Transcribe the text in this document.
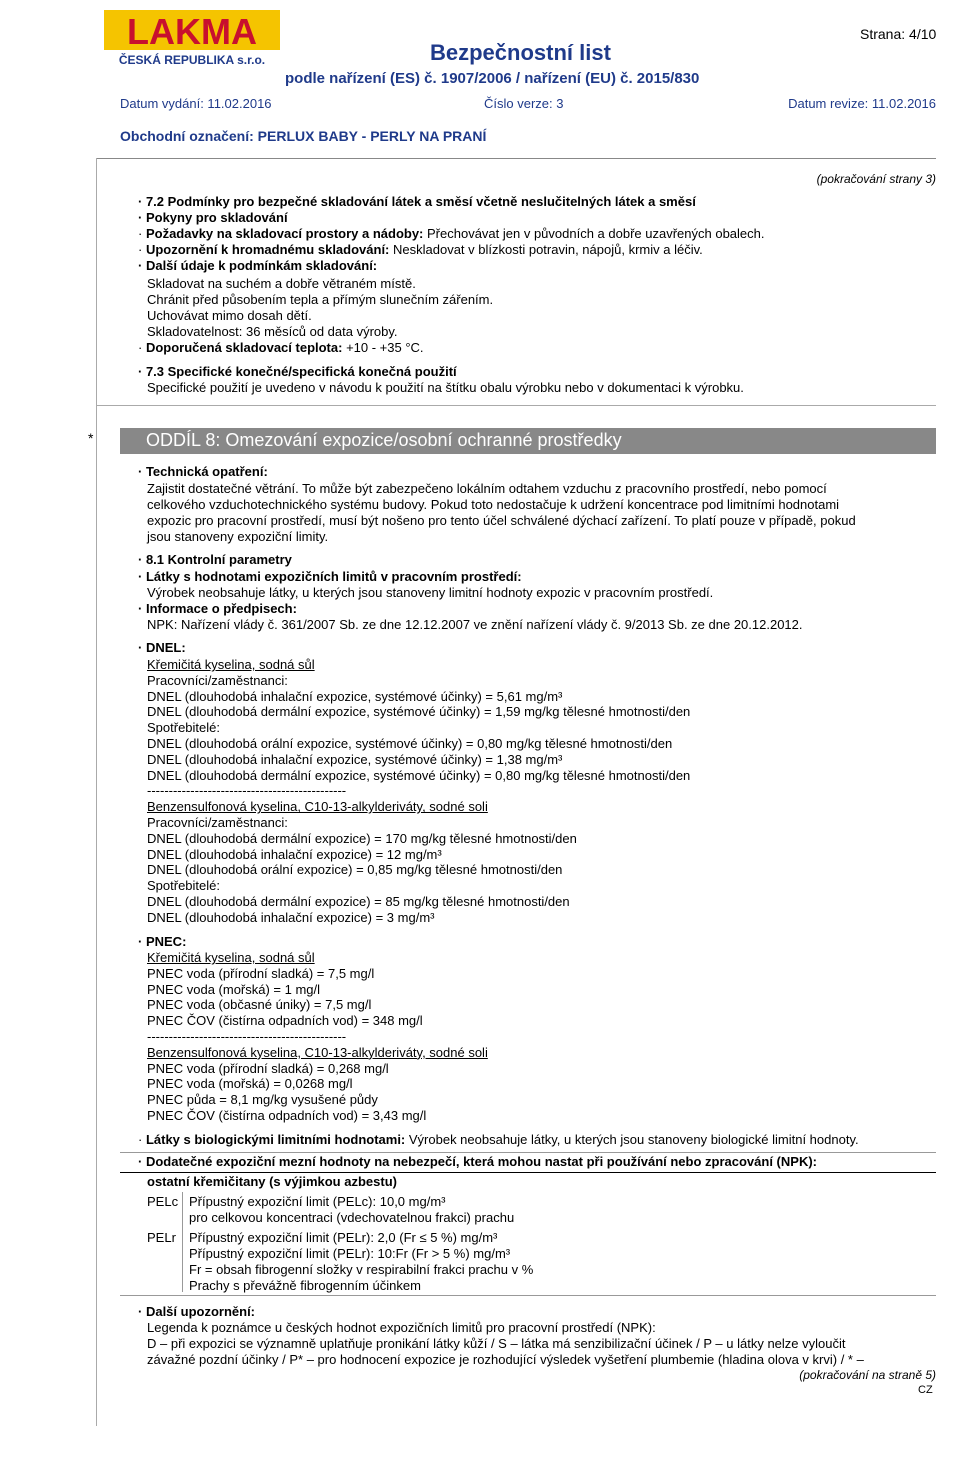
LAKMA
ČESKÁ REPUBLIKA s.r.o.
Strana: 4/10
Bezpečnostní list
podle nařízení (ES) č. 1907/2006 / nařízení (EU) č. 2015/830
Datum vydání: 11.02.2016	Číslo verze: 3	Datum revize: 11.02.2016
Obchodní označení: PERLUX BABY - PERLY NA PRANÍ
(pokračování strany 3)
· 7.2 Podmínky pro bezpečné skladování látek a směsí včetně neslučitelných látek a směsí
· Pokyny pro skladování
· Požadavky na skladovací prostory a nádoby: Přechovávat jen v původních a dobře uzavřených obalech.
· Upozornění k hromadnému skladování: Neskladovat v blízkosti potravin, nápojů, krmiv a léčiv.
· Další údaje k podmínkám skladování:
Skladovat na suchém a dobře větraném místě.
Chránit před působením tepla a přímým slunečním zářením.
Uchovávat mimo dosah dětí.
Skladovatelnost: 36 měsíců od data výroby.
· Doporučená skladovací teplota: +10 - +35 °C.
· 7.3 Specifické konečné/specifická konečná použití
Specifické použití je uvedeno v návodu k použití na štítku obalu výrobku nebo v dokumentaci k výrobku.
*	ODDÍL 8: Omezování expozice/osobní ochranné prostředky
· Technická opatření:
Zajistit dostatečné větrání. To může být zabezpečeno lokálním odtahem vzduchu z pracovního prostředí, nebo pomocí
celkového vzduchotechnického systému budovy. Pokud toto nedostačuje k udržení koncentrace pod limitními hodnotami
expozic pro pracovní prostředí, musí být nošeno pro tento účel schválené dýchací zařízení. To platí pouze v případě, pokud
jsou stanoveny expoziční limity.
· 8.1 Kontrolní parametry
· Látky s hodnotami expozičních limitů v pracovním prostředí:
Výrobek neobsahuje látky, u kterých jsou stanoveny limitní hodnoty expozic v pracovním prostředí.
· Informace o předpisech:
NPK: Nařízení vlády č. 361/2007 Sb. ze dne 12.12.2007 ve znění nařízení vlády č. 9/2013 Sb. ze dne 20.12.2012.
· DNEL:
Křemičitá kyselina, sodná sůl
Pracovníci/zaměstnanci:
DNEL (dlouhodobá inhalační expozice, systémové účinky) = 5,61 mg/m³
DNEL (dlouhodobá dermální expozice, systémové účinky) = 1,59 mg/kg tělesné hmotnosti/den
Spotřebitelé:
DNEL (dlouhodobá orální expozice, systémové účinky) = 0,80 mg/kg tělesné hmotnosti/den
DNEL (dlouhodobá inhalační expozice, systémové účinky) = 1,38 mg/m³
DNEL (dlouhodobá dermální expozice, systémové účinky) = 0,80 mg/kg tělesné hmotnosti/den
----------------------------------------------
Benzensulfonová kyselina, C10-13-alkylderiváty, sodné soli
Pracovníci/zaměstnanci:
DNEL (dlouhodobá dermální expozice) = 170 mg/kg tělesné hmotnosti/den
DNEL (dlouhodobá inhalační expozice) = 12 mg/m³
DNEL (dlouhodobá orální expozice) = 0,85 mg/kg tělesné hmotnosti/den
Spotřebitelé:
DNEL (dlouhodobá dermální expozice) = 85 mg/kg tělesné hmotnosti/den
DNEL (dlouhodobá inhalační expozice) = 3 mg/m³
· PNEC:
Křemičitá kyselina, sodná sůl
PNEC voda (přírodní sladká) = 7,5 mg/l
PNEC voda (mořská) = 1 mg/l
PNEC voda (občasné úniky) = 7,5 mg/l
PNEC ČOV (čistírna odpadních vod) = 348 mg/l
----------------------------------------------
Benzensulfonová kyselina, C10-13-alkylderiváty, sodné soli
PNEC voda (přírodní sladká) = 0,268 mg/l
PNEC voda (mořská) = 0,0268 mg/l
PNEC půda = 8,1 mg/kg vysušené půdy
PNEC ČOV (čistírna odpadních vod) = 3,43 mg/l
· Látky s biologickými limitními hodnotami: Výrobek neobsahuje látky, u kterých jsou stanoveny biologické limitní hodnoty.
· Dodatečné expoziční mezní hodnoty na nebezpečí, která mohou nastat při používání nebo zpracování (NPK):
ostatní křemičitany (s výjimkou azbestu)
PELc Přípustný expoziční limit (PELc): 10,0 mg/m³
pro celkovou koncentraci (vdechovatelnou frakci) prachu
PELr Přípustný expoziční limit (PELr): 2,0 (Fr ≤ 5 %) mg/m³
Přípustný expoziční limit (PELr): 10:Fr (Fr > 5 %) mg/m³
Fr = obsah fibrogenní složky v respirabilní frakci prachu v %
Prachy s převážně fibrogenním účinkem
· Další upozornění:
Legenda k poznámce u českých hodnot expozičních limitů pro pracovní prostředí (NPK):
D – při expozici se významně uplatňuje pronikání látky kůží / S – látka má senzibilizační účinek / P – u látky nelze vyloučit
závažné pozdní účinky / P* – pro hodnocení expozice je rozhodující výsledek vyšetření plumbemie (hladina olova v krvi) / * –
(pokračování na straně 5)
CZ
